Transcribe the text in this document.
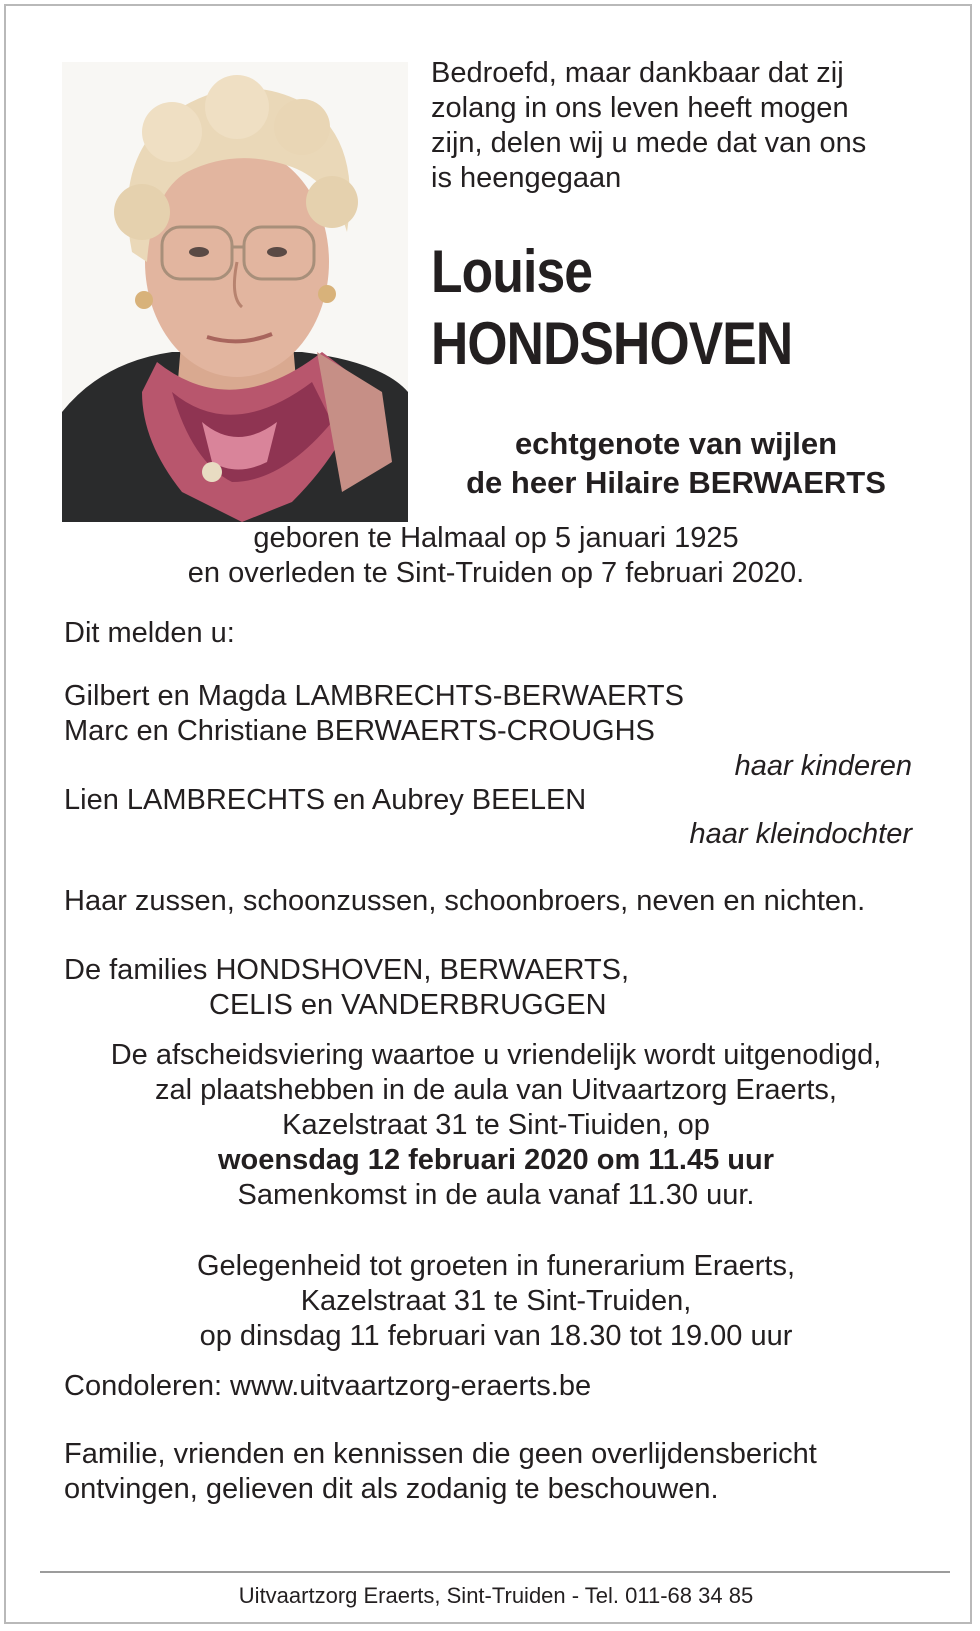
Bedroefd, maar dankbaar dat zij
zolang in ons leven heeft mogen
zijn, delen wij u mede dat van ons
is heengegaan
Louise
HONDSHOVEN
echtgenote van wijlen
de heer Hilaire BERWAERTS
geboren te Halmaal op 5 januari 1925
en overleden te Sint-Truiden op 7 februari 2020.
Dit melden u:
Gilbert en Magda LAMBRECHTS-BERWAERTS
Marc en Christiane BERWAERTS-CROUGHS
haar kinderen
Lien LAMBRECHTS en Aubrey BEELEN
haar kleindochter
Haar zussen, schoonzussen, schoonbroers, neven en nichten.
De families HONDSHOVEN, BERWAERTS,
CELIS en VANDERBRUGGEN
De afscheidsviering waartoe u vriendelijk wordt uitgenodigd,
zal plaatshebben in de aula van Uitvaartzorg Eraerts,
Kazelstraat 31 te Sint-Tiuiden, op
woensdag 12 februari 2020 om 11.45 uur
Samenkomst in de aula vanaf 11.30 uur.
Gelegenheid tot groeten in funerarium Eraerts,
Kazelstraat 31 te Sint-Truiden,
op dinsdag 11 februari van 18.30 tot 19.00 uur
Condoleren: www.uitvaartzorg-eraerts.be
Familie, vrienden en kennissen die geen overlijdensbericht
ontvingen, gelieven dit als zodanig te beschouwen.
Uitvaartzorg Eraerts, Sint-Truiden - Tel. 011-68 34 85
